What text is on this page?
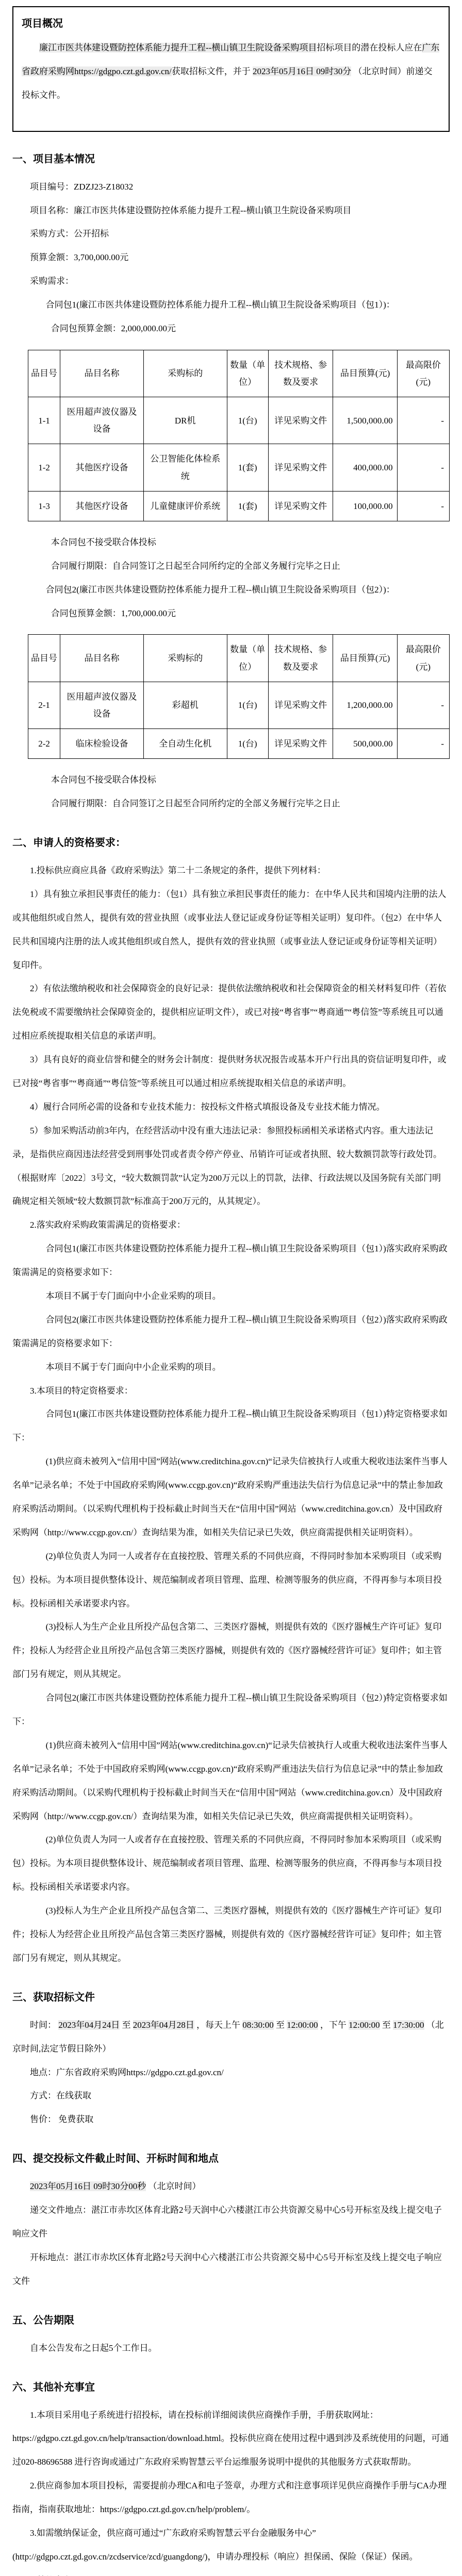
项目概况

廉江市医共体建设暨防控体系能力提升工程--横山镇卫生院设备采购项目招标项目的潜在投标人应在广东省政府采购网https://gdgpo.czt.gd.gov.cn/获取招标文件，并于 2023年05月16日 09时30分 （北京时间）前递交投标文件。

一、项目基本情况

项目编号：ZDZJ23-Z18032

项目名称：廉江市医共体建设暨防控体系能力提升工程--横山镇卫生院设备采购项目

采购方式：公开招标

预算金额：3,700,000.00元

采购需求：

合同包1(廉江市医共体建设暨防控体系能力提升工程--横山镇卫生院设备采购项目（包1）)：

合同包预算金额：2,000,000.00元

品目号	品目名称	采购标的	数量（单位）	技术规格、参数及要求	品目预算(元)	最高限价(元)
1-1	医用超声波仪器及设备	DR机	1(台)	详见采购文件	1,500,000.00	-
1-2	其他医疗设备	公卫智能化体检系统	1(套)	详见采购文件	400,000.00	-
1-3	其他医疗设备	儿童健康评价系统	1(套)	详见采购文件	100,000.00	-

本合同包不接受联合体投标

合同履行期限：自合同签订之日起至合同所约定的全部义务履行完毕之日止

合同包2(廉江市医共体建设暨防控体系能力提升工程--横山镇卫生院设备采购项目（包2）)：

合同包预算金额：1,700,000.00元

品目号	品目名称	采购标的	数量（单位）	技术规格、参数及要求	品目预算(元)	最高限价(元)
2-1	医用超声波仪器及设备	彩超机	1(台)	详见采购文件	1,200,000.00	-
2-2	临床检验设备	全自动生化机	1(台)	详见采购文件	500,000.00	-

本合同包不接受联合体投标

合同履行期限：自合同签订之日起至合同所约定的全部义务履行完毕之日止

二、申请人的资格要求：

1.投标供应商应具备《政府采购法》第二十二条规定的条件，提供下列材料：

1）具有独立承担民事责任的能力：（包1）具有独立承担民事责任的能力：在中华人民共和国境内注册的法人或其他组织或自然人，提供有效的营业执照（或事业法人登记证或身份证等相关证明）复印件。（包2）在中华人民共和国境内注册的法人或其他组织或自然人，提供有效的营业执照（或事业法人登记证或身份证等相关证明）复印件。

2）有依法缴纳税收和社会保障资金的良好记录：提供依法缴纳税收和社会保障资金的相关材料复印件（若依法免税或不需要缴纳社会保障资金的，提供相应证明文件），或已对接“粤省事”“粤商通”“粤信签”等系统且可以通过相应系统提取相关信息的承诺声明。

3）具有良好的商业信誉和健全的财务会计制度：提供财务状况报告或基本开户行出具的资信证明复印件，或已对接“粤省事”“粤商通”“粤信签”等系统且可以通过相应系统提取相关信息的承诺声明。

4）履行合同所必需的设备和专业技术能力：按投标文件格式填报设备及专业技术能力情况。

5）参加采购活动前3年内，在经营活动中没有重大违法记录：参照投标函相关承诺格式内容。重大违法记录，是指供应商因违法经营受到刑事处罚或者责令停产停业、吊销许可证或者执照、较大数额罚款等行政处罚。（根据财库〔2022〕3号文，“较大数额罚款”认定为200万元以上的罚款，法律、行政法规以及国务院有关部门明确规定相关领域“较大数额罚款”标准高于200万元的，从其规定）。

2.落实政府采购政策需满足的资格要求：

合同包1(廉江市医共体建设暨防控体系能力提升工程--横山镇卫生院设备采购项目（包1）)落实政府采购政策需满足的资格要求如下：

本项目不属于专门面向中小企业采购的项目。

合同包2(廉江市医共体建设暨防控体系能力提升工程--横山镇卫生院设备采购项目（包2）)落实政府采购政策需满足的资格要求如下：

本项目不属于专门面向中小企业采购的项目。

3.本项目的特定资格要求：

合同包1(廉江市医共体建设暨防控体系能力提升工程--横山镇卫生院设备采购项目（包1）)特定资格要求如下：

(1)供应商未被列入“信用中国”网站(www.creditchina.gov.cn)“记录失信被执行人或重大税收违法案件当事人名单”记录名单；不处于中国政府采购网(www.ccgp.gov.cn)“政府采购严重违法失信行为信息记录”中的禁止参加政府采购活动期间。（以采购代理机构于投标截止时间当天在“信用中国”网站（www.creditchina.gov.cn）及中国政府采购网（http://www.ccgp.gov.cn/）查询结果为准，如相关失信记录已失效，供应商需提供相关证明资料）。

(2)单位负责人为同一人或者存在直接控股、管理关系的不同供应商，不得同时参加本采购项目（或采购包）投标。为本项目提供整体设计、规范编制或者项目管理、监理、检测等服务的供应商，不得再参与本项目投标。投标函相关承诺要求内容。

(3)投标人为生产企业且所投产品包含第二、三类医疗器械，则提供有效的《医疗器械生产许可证》复印件；投标人为经营企业且所投产品包含第三类医疗器械，则提供有效的《医疗器械经营许可证》复印件；如主管部门另有规定，则从其规定。

合同包2(廉江市医共体建设暨防控体系能力提升工程--横山镇卫生院设备采购项目（包2）)特定资格要求如下：

(1)供应商未被列入“信用中国”网站(www.creditchina.gov.cn)“记录失信被执行人或重大税收违法案件当事人名单”记录名单；不处于中国政府采购网(www.ccgp.gov.cn)“政府采购严重违法失信行为信息记录”中的禁止参加政府采购活动期间。（以采购代理机构于投标截止时间当天在“信用中国”网站（www.creditchina.gov.cn）及中国政府采购网（http://www.ccgp.gov.cn/）查询结果为准，如相关失信记录已失效，供应商需提供相关证明资料）。

(2)单位负责人为同一人或者存在直接控股、管理关系的不同供应商，不得同时参加本采购项目（或采购包）投标。为本项目提供整体设计、规范编制或者项目管理、监理、检测等服务的供应商，不得再参与本项目投标。投标函相关承诺要求内容。

(3)投标人为生产企业且所投产品包含第二、三类医疗器械，则提供有效的《医疗器械生产许可证》复印件；投标人为经营企业且所投产品包含第三类医疗器械，则提供有效的《医疗器械经营许可证》复印件；如主管部门另有规定，则从其规定。

三、获取招标文件

时间： 2023年04月24日 至 2023年04月28日 ，每天上午 08:30:00 至 12:00:00 ，下午 12:00:00 至 17:30:00 （北京时间,法定节假日除外）

地点：广东省政府采购网https://gdgpo.czt.gd.gov.cn/

方式：在线获取

售价： 免费获取

四、提交投标文件截止时间、开标时间和地点

2023年05月16日 09时30分00秒 （北京时间）

递交文件地点：湛江市赤坎区体育北路2号天润中心六楼湛江市公共资源交易中心5号开标室及线上提交电子响应文件

开标地点：湛江市赤坎区体育北路2号天润中心六楼湛江市公共资源交易中心5号开标室及线上提交电子响应文件

五、公告期限

自本公告发布之日起5个工作日。

六、其他补充事宜

1.本项目采用电子系统进行招投标，请在投标前详细阅读供应商操作手册，手册获取网址：https://gdgpo.czt.gd.gov.cn/help/transaction/download.html。投标供应商在使用过程中遇到涉及系统使用的问题，可通过020-88696588 进行咨询或通过广东政府采购智慧云平台运维服务说明中提供的其他服务方式获取帮助。

2.供应商参加本项目投标，需要提前办理CA和电子签章，办理方式和注意事项详见供应商操作手册与CA办理指南，指南获取地址：https://gdgpo.czt.gd.gov.cn/help/problem/。

3.如需缴纳保证金，供应商可通过“广东政府采购智慧云平台金融服务中心”(http://gdgpo.czt.gd.gov.cn/zcdservice/zcd/guangdong/)，申请办理投标（响应）担保函、保险（保证）保函。
